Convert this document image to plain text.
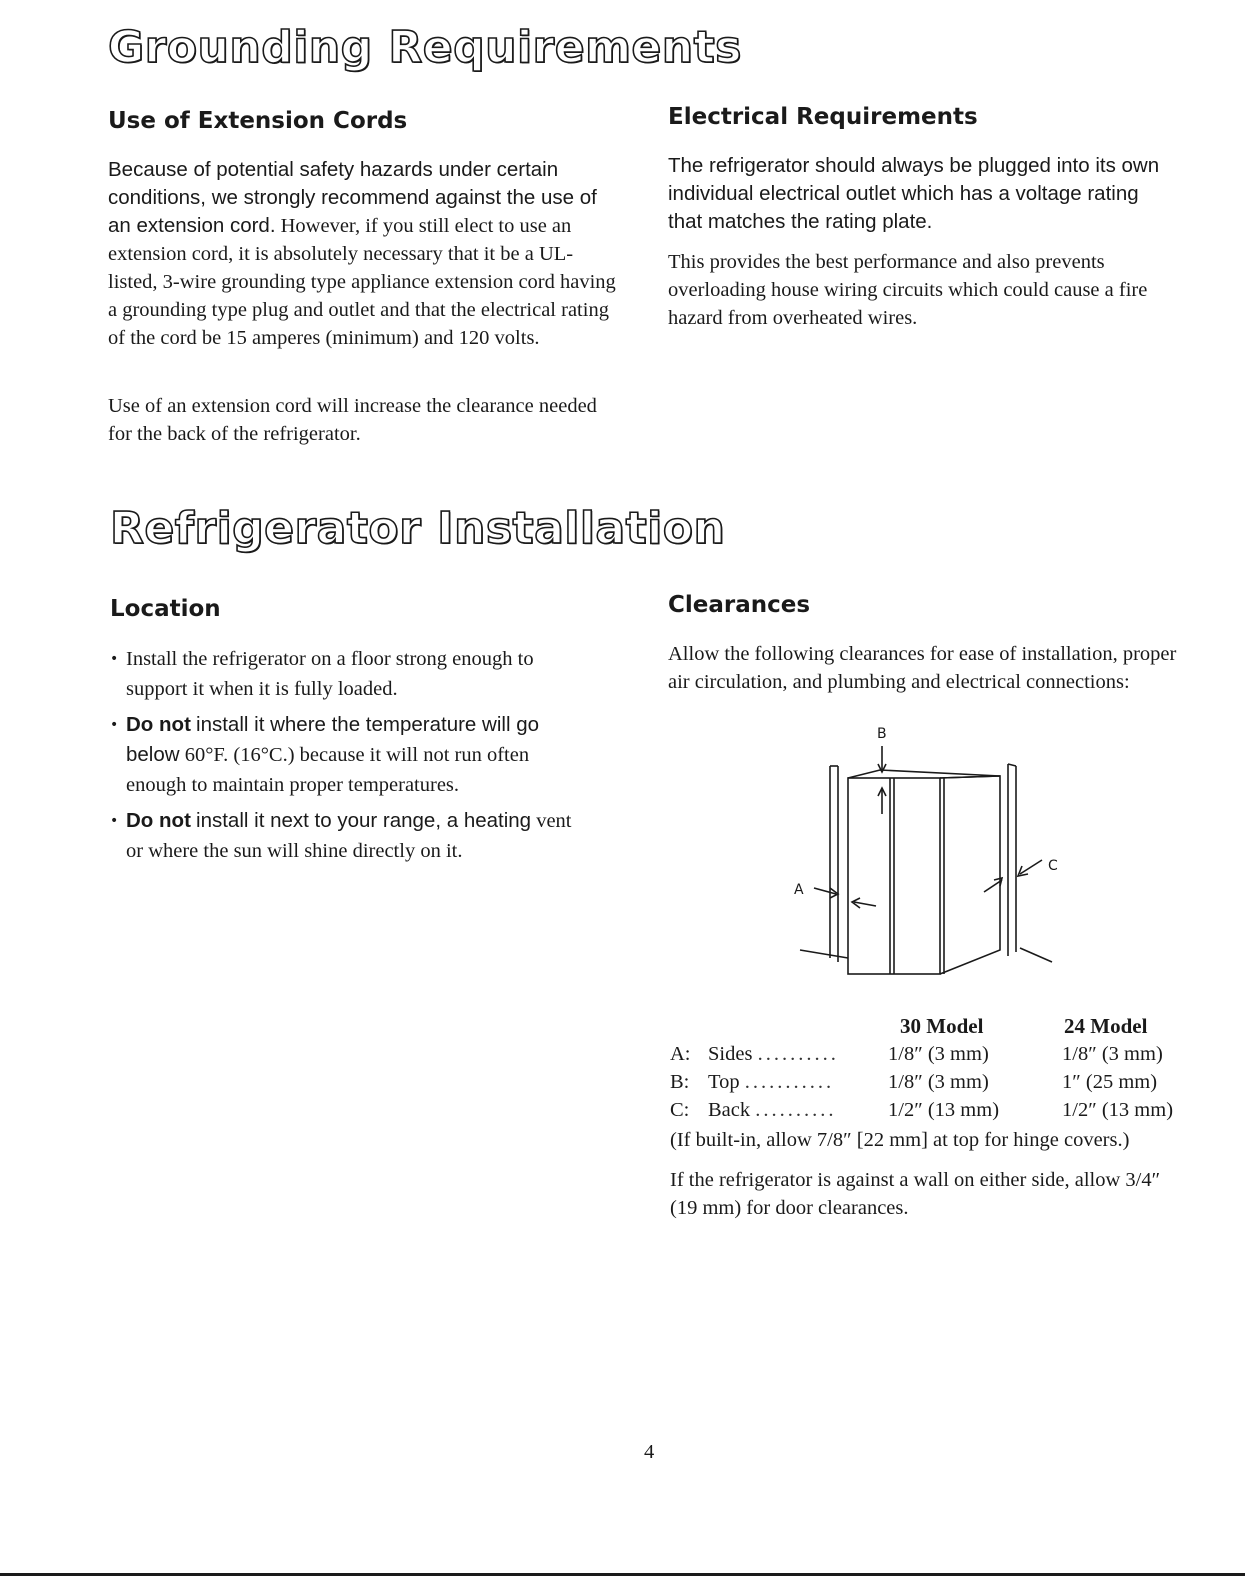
Grounding Requirements
Use of Extension Cords

Because of potential safety hazards under certain conditions, we strongly recommend against the use of an extension cord.

However, if you still elect to use an extension cord, it is absolutely necessary that it be a UL-listed, 3-wire grounding type appliance extension cord having a grounding type plug and outlet and that the electrical rating of the cord be 15 amperes (minimum) and 120 volts.

Use of an extension cord will increase the clearance needed for the back of the refrigerator.

Electrical Requirements

The refrigerator should always be plugged into its own individual electrical outlet which has a voltage rating that matches the rating plate.

This provides the best performance and also prevents overloading house wiring circuits which could cause a fire hazard from overheated wires.

Refrigerator Installation
Location
• Install the refrigerator on a floor strong enough to support it when it is fully loaded.
• Do not install it where the temperature will go below 60°F. (16°C.) because it will not run often enough to maintain proper temperatures.
• Do not install it next to your range, a heating vent or where the sun will shine directly on it.
Clearances

Allow the following clearances for ease of installation, proper air circulation, and plumbing and electrical connections:

B
A
C
		30 Model	24 Model
A:	Sides ..........	1/8″ (3 mm)	1/8″ (3 mm)
B:	Top ...........	1/8″ (3 mm)	1″ (25 mm)
C:	Back ..........	1/2″ (13 mm)	1/2″ (13 mm)

(If built-in, allow 7/8″ [22 mm] at top for hinge covers.)

If the refrigerator is against a wall on either side, allow 3/4″ (19 mm) for door clearances.

4
